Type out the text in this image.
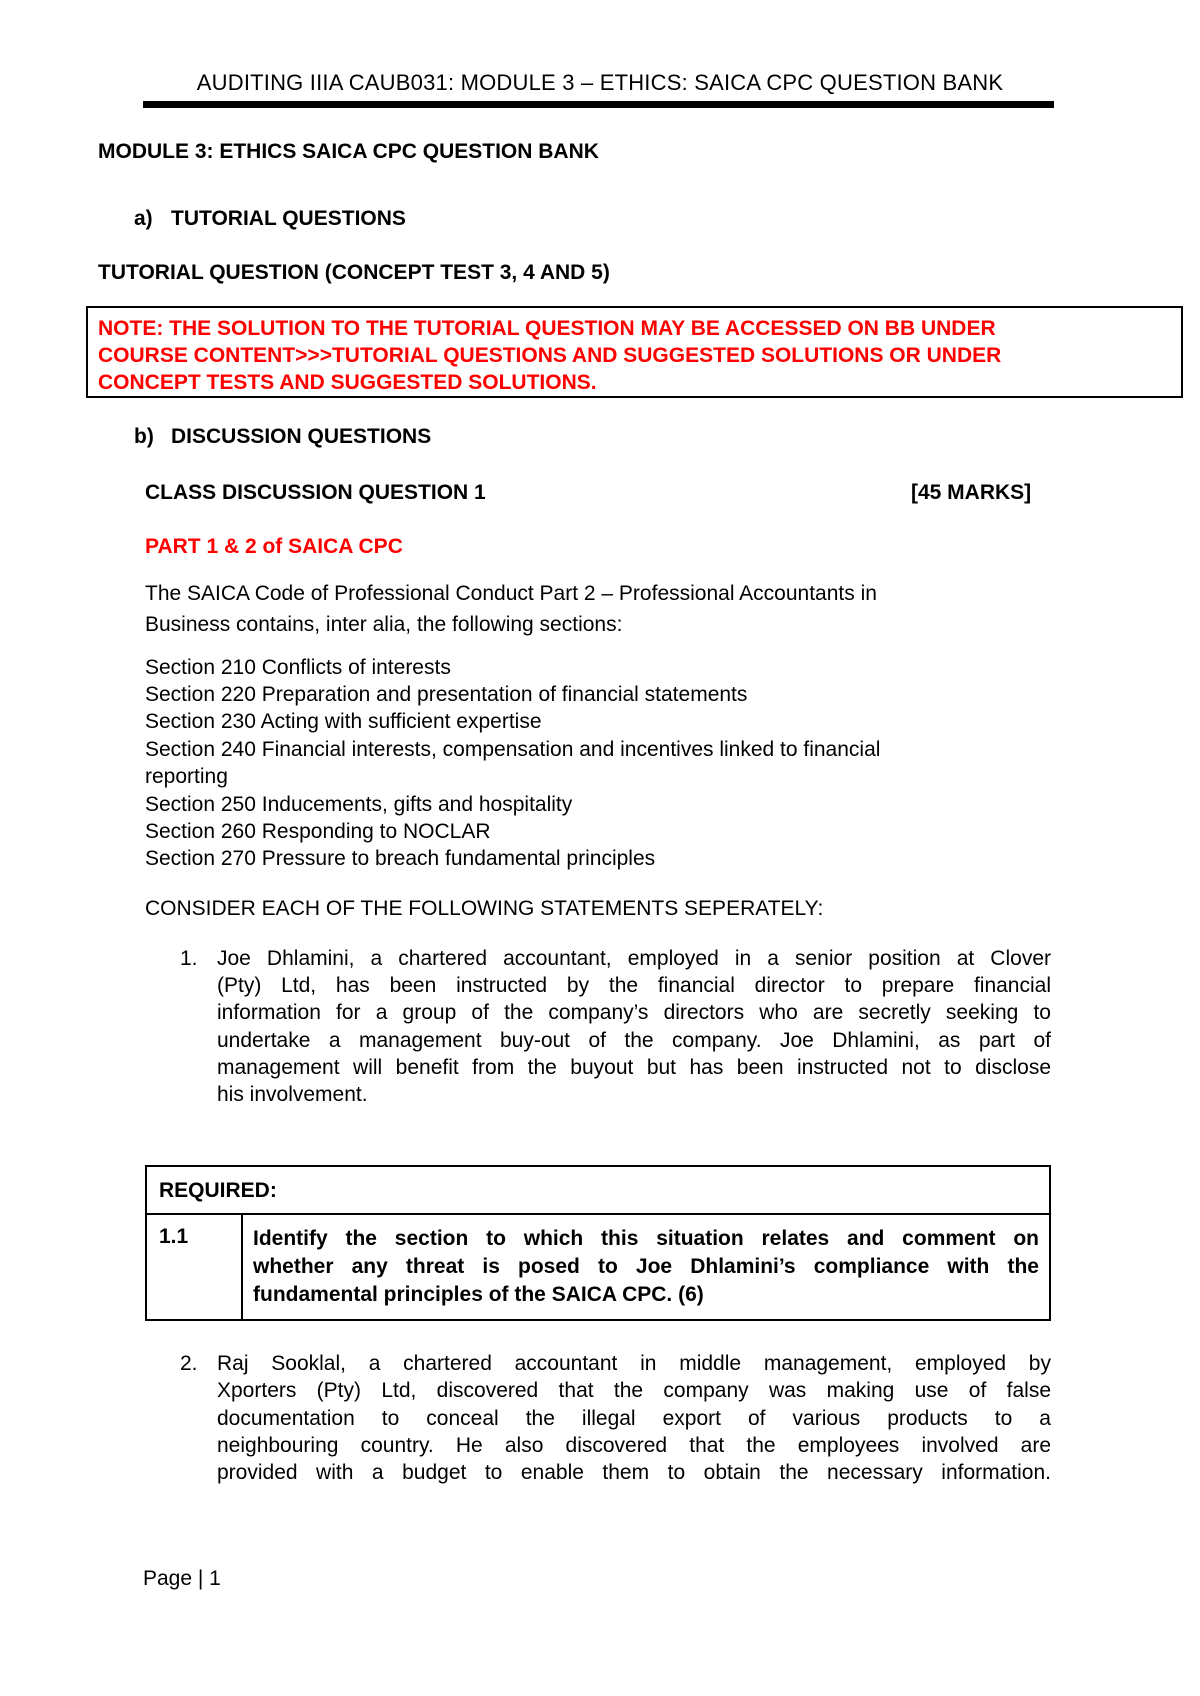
AUDITING IIIA CAUB031: MODULE 3 – ETHICS: SAICA CPC QUESTION BANK
MODULE 3: ETHICS SAICA CPC QUESTION BANK
a) TUTORIAL QUESTIONS
TUTORIAL QUESTION (CONCEPT TEST 3, 4 AND 5)
NOTE: THE SOLUTION TO THE TUTORIAL QUESTION MAY BE ACCESSED ON BB UNDER
COURSE CONTENT>>>TUTORIAL QUESTIONS AND SUGGESTED SOLUTIONS OR UNDER
CONCEPT TESTS AND SUGGESTED SOLUTIONS.
b) DISCUSSION QUESTIONS
CLASS DISCUSSION QUESTION 1	[45 MARKS]
PART 1 & 2 of SAICA CPC
The SAICA Code of Professional Conduct Part 2 – Professional Accountants in
Business contains, inter alia, the following sections:
Section 210 Conflicts of interests
Section 220 Preparation and presentation of financial statements
Section 230 Acting with sufficient expertise
Section 240 Financial interests, compensation and incentives linked to financial
reporting
Section 250 Inducements, gifts and hospitality
Section 260 Responding to NOCLAR
Section 270 Pressure to breach fundamental principles
CONSIDER EACH OF THE FOLLOWING STATEMENTS SEPERATELY:
1. Joe Dhlamini, a chartered accountant, employed in a senior position at Clover
(Pty) Ltd, has been instructed by the financial director to prepare financial
information for a group of the company’s directors who are secretly seeking to
undertake a management buy-out of the company. Joe Dhlamini, as part of
management will benefit from the buyout but has been instructed not to disclose
his involvement.
REQUIRED:
1.1	Identify the section to which this situation relates and comment on
whether any threat is posed to Joe Dhlamini’s compliance with the
fundamental principles of the SAICA CPC. (6)
2. Raj Sooklal, a chartered accountant in middle management, employed by
Xporters (Pty) Ltd, discovered that the company was making use of false
documentation to conceal the illegal export of various products to a
neighbouring country. He also discovered that the employees involved are
provided with a budget to enable them to obtain the necessary information.
Page | 1
